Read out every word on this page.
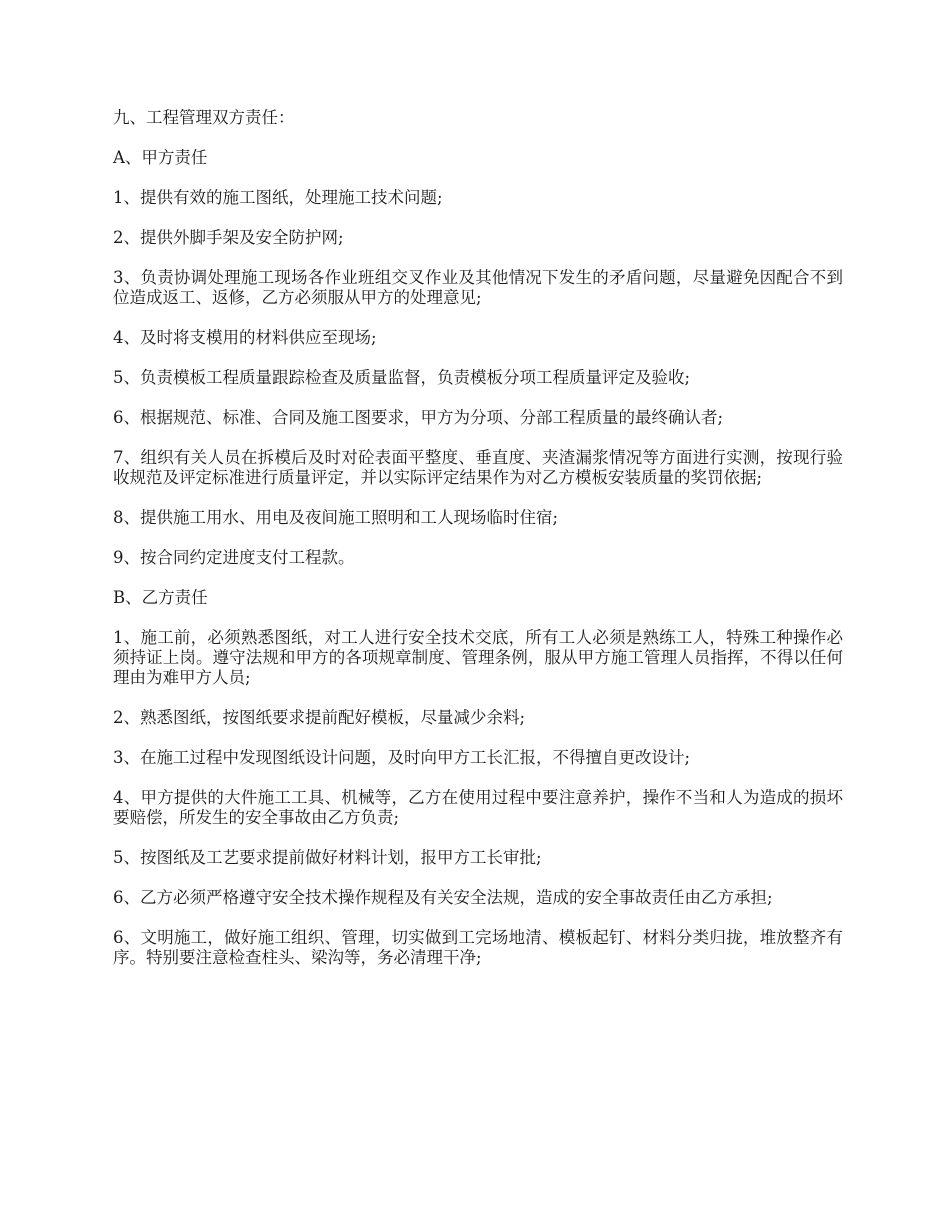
九、工程管理双方责任：

A、甲方责任

1、提供有效的施工图纸，处理施工技术问题;

2、提供外脚手架及安全防护网;

3、负责协调处理施工现场各作业班组交叉作业及其他情况下发生的矛盾问题，尽量避免因配合不到位造成返工、返修，乙方必须服从甲方的处理意见;

4、及时将支模用的材料供应至现场;

5、负责模板工程质量跟踪检查及质量监督，负责模板分项工程质量评定及验收;

6、根据规范、标准、合同及施工图要求，甲方为分项、分部工程质量的最终确认者;

7、组织有关人员在拆模后及时对砼表面平整度、垂直度、夹渣漏浆情况等方面进行实测，按现行验收规范及评定标准进行质量评定，并以实际评定结果作为对乙方模板安装质量的奖罚依据;

8、提供施工用水、用电及夜间施工照明和工人现场临时住宿;

9、按合同约定进度支付工程款。

B、乙方责任

1、施工前，必须熟悉图纸，对工人进行安全技术交底，所有工人必须是熟练工人，特殊工种操作必须持证上岗。遵守法规和甲方的各项规章制度、管理条例，服从甲方施工管理人员指挥，不得以任何理由为难甲方人员;

2、熟悉图纸，按图纸要求提前配好模板，尽量减少余料;

3、在施工过程中发现图纸设计问题，及时向甲方工长汇报，不得擅自更改设计;

4、甲方提供的大件施工工具、机械等，乙方在使用过程中要注意养护，操作不当和人为造成的损坏要赔偿，所发生的安全事故由乙方负责;

5、按图纸及工艺要求提前做好材料计划，报甲方工长审批;

6、乙方必须严格遵守安全技术操作规程及有关安全法规，造成的安全事故责任由乙方承担;

6、文明施工，做好施工组织、管理，切实做到工完场地清、模板起钉、材料分类归拢，堆放整齐有序。特别要注意检查柱头、梁沟等，务必清理干净;
